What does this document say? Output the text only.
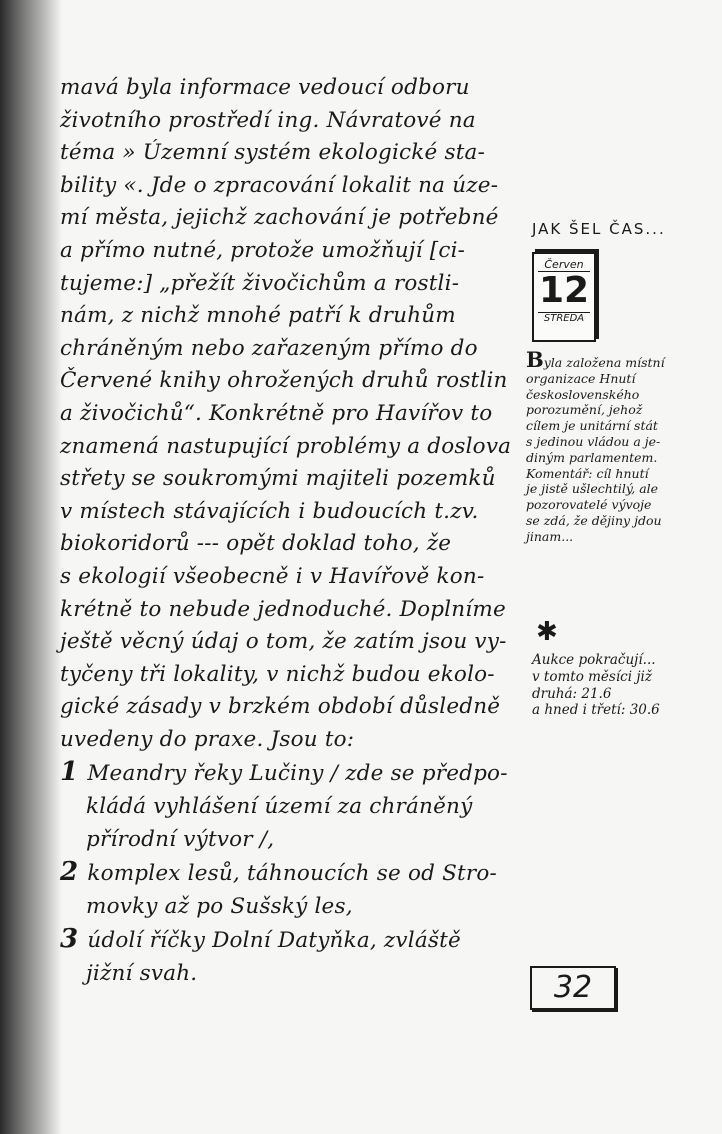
mavá byla informace vedoucí odboru
životního prostředí ing. Návratové na
téma » Územní systém ekologické sta-
bility «. Jde o zpracování lokalit na úze-
mí města, jejichž zachování je potřebné
a přímo nutné, protože umožňují [ci-
tujeme:] „přežít živočichům a rostli-
nám, z nichž mnohé patří k druhům
chráněným nebo zařazeným přímo do
Červené knihy ohrožených druhů rostlin
a živočichů“. Konkrétně pro Havířov to
znamená nastupující problémy a doslova
střety se soukromými majiteli pozemků
v místech stávajících i budoucích t.zv.
biokoridorů --- opět doklad toho, že
s ekologií všeobecně i v Havířově kon-
krétně to nebude jednoduché. Doplníme
ještě věcný údaj o tom, že zatím jsou vy-
tyčeny tři lokality, v nichž budou ekolo-
gické zásady v brzkém období důsledně
uvedeny do praxe. Jsou to:
1 Meandry řeky Lučiny / zde se předpo-
kládá vyhlášení území za chráněný
přírodní výtvor /,
2 komplex lesů, táhnoucích se od Stro-
movky až po Sušský les,
3 údolí říčky Dolní Datyňka, zvláště
jižní svah.
JAK ŠEL ČAS...
Červen
12
STŘEDA
Byla založena místní
organizace Hnutí
československého
porozumění, jehož
cílem je unitární stát
s jedinou vládou a je-
diným parlamentem.
Komentář: cíl hnutí
je jistě ušlechtilý, ale
pozorovatelé vývoje
se zdá, že dějiny jdou
jinam...
✱
Aukce pokračují...
v tomto měsíci již
druhá: 21.6
a hned i třetí: 30.6
32
